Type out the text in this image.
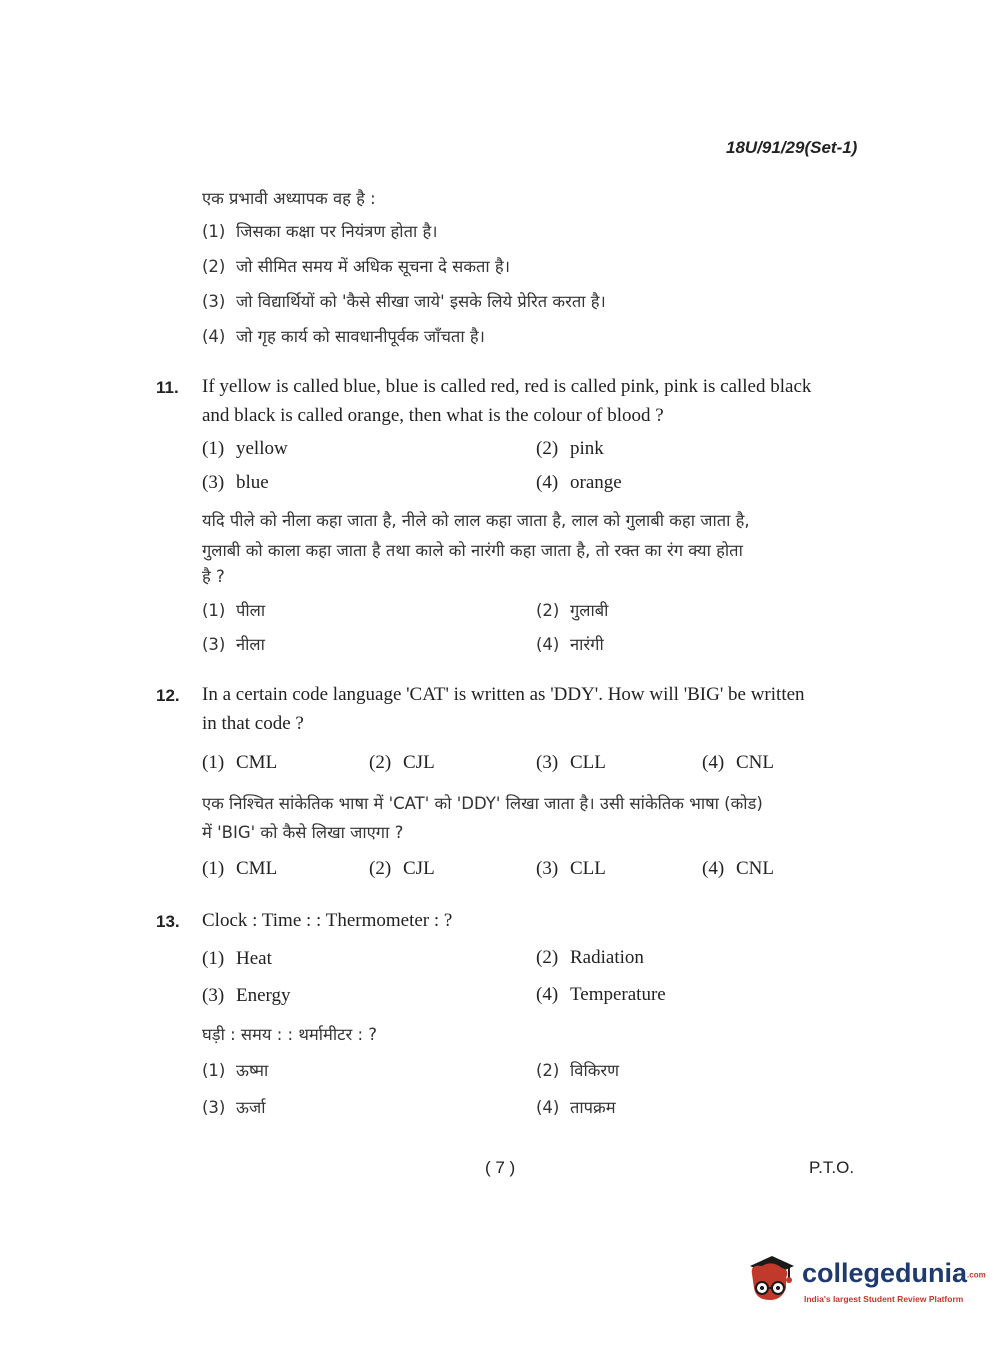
18U/91/29(Set-1)
एक प्रभावी अध्यापक वह है :
(1) जिसका कक्षा पर नियंत्रण होता है।
(2) जो सीमित समय में अधिक सूचना दे सकता है।
(3) जो विद्यार्थियों को 'कैसे सीखा जाये' इसके लिये प्रेरित करता है।
(4) जो गृह कार्य को सावधानीपूर्वक जाँचता है।
11. If yellow is called blue, blue is called red, red is called pink, pink is called black
and black is called orange, then what is the colour of blood ?
(1) yellow	(2) pink
(3) blue	(4) orange
यदि पीले को नीला कहा जाता है, नीले को लाल कहा जाता है, लाल को गुलाबी कहा जाता है,
गुलाबी को काला कहा जाता है तथा काले को नारंगी कहा जाता है, तो रक्त का रंग क्या होता
है ?
(1) पीला	(2) गुलाबी
(3) नीला	(4) नारंगी
12. In a certain code language 'CAT' is written as 'DDY'. How will 'BIG' be written
in that code ?
(1) CML	(2) CJL	(3) CLL	(4) CNL
एक निश्चित सांकेतिक भाषा में 'CAT' को 'DDY' लिखा जाता है। उसी सांकेतिक भाषा (कोड)
में 'BIG' को कैसे लिखा जाएगा ?
(1) CML	(2) CJL	(3) CLL	(4) CNL
13. Clock : Time : : Thermometer : ?
(1) Heat	(2) Radiation
(3) Energy	(4) Temperature
घड़ी : समय : : थर्मामीटर : ?
(1) ऊष्मा	(2) विकिरण
(3) ऊर्जा	(4) तापक्रम
( 7 )	P.T.O.
collegedunia.com
India's largest Student Review Platform
